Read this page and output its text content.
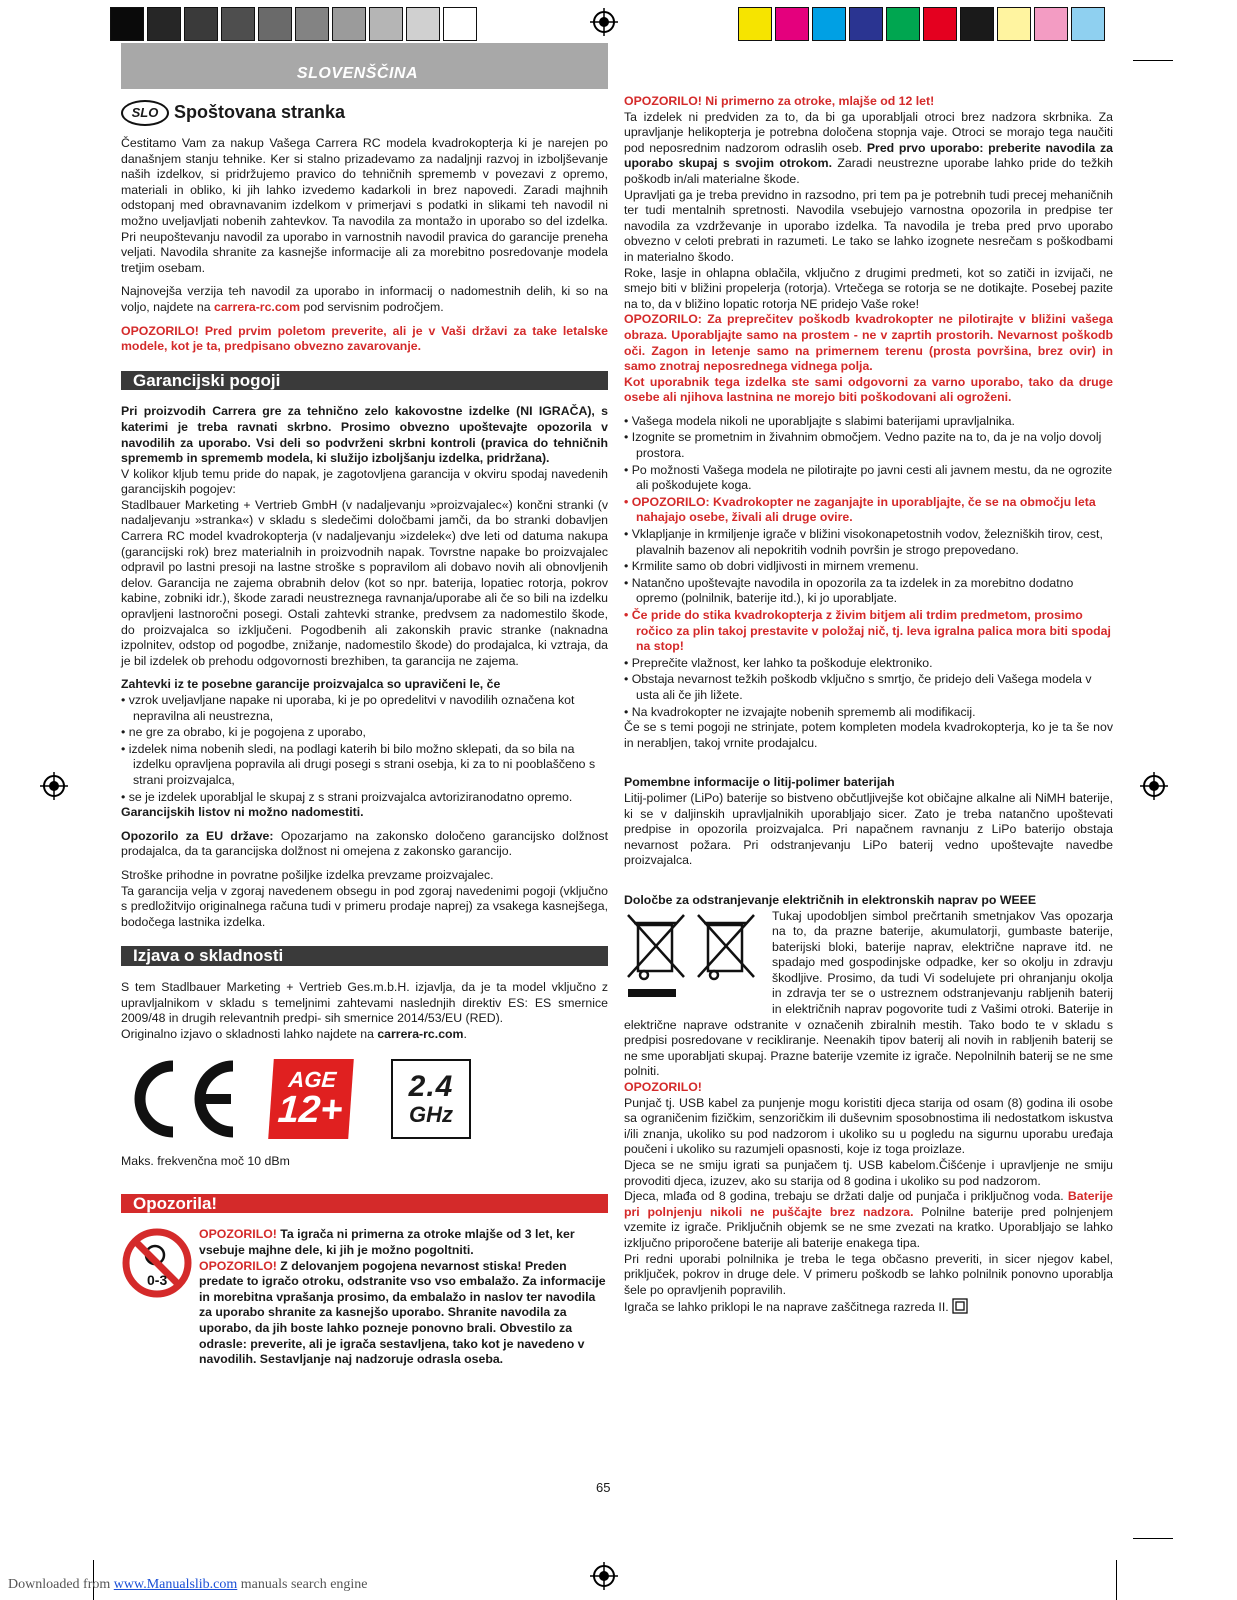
SLOVENŠČINA
SLO Spoštovana stranka

Čestitamo Vam za nakup Vašega Carrera RC modela kvadrokopterja ki je narejen po današnjem stanju tehnike. Ker si stalno prizadevamo za nadaljnji razvoj in izboljševanje naših izdelkov, si pridržujemo pravico do tehničnih sprememb v povezavi z opremo, materiali in obliko, ki jih lahko izvedemo kadarkoli in brez napovedi. Zaradi majhnih odstopanj med obravnavanim izdelkom v primerjavi s podatki in slikami teh navodil ni možno uveljavljati nobenih zahtevkov. Ta navodila za montažo in uporabo so del izdelka. Pri neupoštevanju navodil za uporabo in varnostnih navodil pravica do garancije preneha veljati. Navodila shranite za kasnejše informacije ali za morebitno posredovanje modela tretjim osebam.

Najnovejša verzija teh navodil za uporabo in informacij o nadomestnih delih, ki so na voljo, najdete na carrera-rc.com pod servisnim področjem.

OPOZORILO! Pred prvim poletom preverite, ali je v Vaši državi za take letalske modele, kot je ta, predpisano obvezno zavarovanje.

Garancijski pogoji

Pri proizvodih Carrera gre za tehnično zelo kakovostne izdelke (NI IGRAČA), s katerimi je treba ravnati skrbno. Prosimo obvezno upoštevajte opozorila v navodilih za uporabo. Vsi deli so podvrženi skrbni kontroli (pravica do tehničnih sprememb in sprememb modela, ki služijo izboljšanju izdelka, pridržana).

V kolikor kljub temu pride do napak, je zagotovljena garancija v okviru spodaj navedenih garancijskih pogojev:

Stadlbauer Marketing + Vertrieb GmbH (v nadaljevanju »proizvajalec«) končni stranki (v nadaljevanju »stranka«) v skladu s sledečimi določbami jamči, da bo stranki dobavljen Carrera RC model kvadrokopterja (v nadaljevanju »izdelek«) dve leti od datuma nakupa (garancijski rok) brez materialnih in proizvodnih napak. Tovrstne napake bo proizvajalec odpravil po lastni presoji na lastne stroške s popravilom ali dobavo novih ali obnovljenih delov. Garancija ne zajema obrabnih delov (kot so npr. baterija, lopatiec rotorja, pokrov kabine, zobniki idr.), škode zaradi neustreznega ravnanja/uporabe ali če so bili na izdelku opravljeni lastnoročni posegi. Ostali zahtevki stranke, predvsem za nadomestilo škode, do proizvajalca so izključeni. Pogodbenih ali zakonskih pravic stranke (naknadna izpolnitev, odstop od pogodbe, znižanje, nadomestilo škode) do prodajalca, ki vztraja, da je bil izdelek ob prehodu odgovornosti brezhiben, ta garancija ne zajema.

Zahtevki iz te posebne garancije proizvajalca so upravičeni le, če

• vzrok uveljavljane napake ni uporaba, ki je po opredelitvi v navodilih označena kot nepravilna ali neustrezna,
• ne gre za obrabo, ki je pogojena z uporabo,
• izdelek nima nobenih sledi, na podlagi katerih bi bilo možno sklepati, da so bila na izdelku opravljena popravila ali drugi posegi s strani osebja, ki za to ni pooblaščeno s strani proizvajalca,
• se je izdelek uporabljal le skupaj z s strani proizvajalca avtoriziranodatno opremo.

Garancijskih listov ni možno nadomestiti.

Opozorilo za EU države: Opozarjamo na zakonsko določeno garancijsko dolžnost prodajalca, da ta garancijska dolžnost ni omejena z zakonsko garancijo.

Stroške prihodne in povratne pošiljke izdelka prevzame proizvajalec.

Ta garancija velja v zgoraj navedenem obsegu in pod zgoraj navedenimi pogoji (vključno s predložitvijo originalnega računa tudi v primeru prodaje naprej) za vsakega kasnejšega, bodočega lastnika izdelka.

Izjava o skladnosti

S tem Stadlbauer Marketing + Vertrieb Ges.m.b.H. izjavlja, da je ta model vključno z upravljalnikom v skladu s temeljnimi zahtevami naslednjih direktiv ES: ES smernice 2009/48 in drugih relevantnih predpi- sih smernice 2014/53/EU (RED).

Originalno izjavo o skladnosti lahko najdete na carrera-rc.com.

AGE
12+
2.4
GHz

Maks. frekvenčna moč 10 dBm

Opozorila!
0-3
OPOZORILO! Ta igrača ni primerna za otroke mlajše od 3 let, ker vsebuje majhne dele, ki jih je možno pogoltniti.
OPOZORILO! Z delovanjem pogojena nevarnost stiska! Preden predate to igračo otroku, odstranite vso vso embalažo. Za informacije in morebitna vprašanja prosimo, da embalažo in naslov ter navodila za uporabo shranite za kasnejšo uporabo. Shranite navodila za uporabo, da jih boste lahko pozneje ponovno brali. Obvestilo za odrasle: preverite, ali je igrača sestavljena, tako kot je navedeno v navodilih. Sestavljanje naj nadzoruje odrasla oseba.

OPOZORILO! Ni primerno za otroke, mlajše od 12 let!

Ta izdelek ni predviden za to, da bi ga uporabljali otroci brez nadzora skrbnika. Za upravljanje helikopterja je potrebna določena stopnja vaje. Otroci se morajo tega naučiti pod neposrednim nadzorom odraslih oseb. Pred prvo uporabo: preberite navodila za uporabo skupaj s svojim otrokom. Zaradi neustrezne uporabe lahko pride do težkih poškodb in/ali materialne škode.

Upravljati ga je treba previdno in razsodno, pri tem pa je potrebnih tudi precej mehaničnih ter tudi mentalnih spretnosti. Navodila vsebujejo varnostna opozorila in predpise ter navodila za vzdrževanje in uporabo izdelka. Ta navodila je treba pred prvo uporabo obvezno v celoti prebrati in razumeti. Le tako se lahko izognete nesrečam s poškodbami in materialno škodo.

Roke, lasje in ohlapna oblačila, vključno z drugimi predmeti, kot so zatiči in izvijači, ne smejo biti v bližini propelerja (rotorja). Vrtečega se rotorja se ne dotikajte. Posebej pazite na to, da v bližino lopatic rotorja NE pridejo Vaše roke!

OPOZORILO: Za preprečitev poškodb kvadrokopter ne pilotirajte v bližini vašega obraza. Uporabljajte samo na prostem - ne v zaprtih prostorih. Nevarnost poškodb oči. Zagon in letenje samo na primernem terenu (prosta površina, brez ovir) in samo znotraj neposrednega vidnega polja.

Kot uporabnik tega izdelka ste sami odgovorni za varno uporabo, tako da druge osebe ali njihova lastnina ne morejo biti poškodovani ali ogroženi.

• Vašega modela nikoli ne uporabljajte s slabimi baterijami upravljalnika.
• Izognite se prometnim in živahnim območjem. Vedno pazite na to, da je na voljo dovolj prostora.
• Po možnosti Vašega modela ne pilotirajte po javni cesti ali javnem mestu, da ne ogrozite ali poškodujete koga.
• OPOZORILO: Kvadrokopter ne zaganjajte in uporabljajte, če se na območju leta nahajajo osebe, živali ali druge ovire.
• Vklapljanje in krmiljenje igrače v bližini visokonapetostnih vodov, železniških tirov, cest, plavalnih bazenov ali nepokritih vodnih površin je strogo prepovedano.
• Krmilite samo ob dobri vidljivosti in mirnem vremenu.
• Natančno upoštevajte navodila in opozorila za ta izdelek in za morebitno dodatno opremo (polnilnik, baterije itd.), ki jo uporabljate.
• Če pride do stika kvadrokopterja z živim bitjem ali trdim predmetom, prosimo ročico za plin takoj prestavite v položaj nič, tj. leva igralna palica mora biti spodaj na stop!
• Preprečite vlažnost, ker lahko ta poškoduje elektroniko.
• Obstaja nevarnost težkih poškodb vključno s smrtjo, če pridejo deli Vašega modela v usta ali če jih ližete.
• Na kvadrokopter ne izvajajte nobenih sprememb ali modifikacij.

Če se s temi pogoji ne strinjate, potem kompleten modela kvadrokopterja, ko je ta še nov in nerabljen, takoj vrnite prodajalcu.

Pomembne informacije o litij-polimer baterijah

Litij-polimer (LiPo) baterije so bistveno občutljivejše kot običajne alkalne ali NiMH baterije, ki se v daljinskih upravljalnikih uporabljajo sicer. Zato je treba natančno upoštevati predpise in opozorila proizvajalca. Pri napačnem ravnanju z LiPo baterijo obstaja nevarnost požara. Pri odstranjevanju LiPo baterij vedno upoštevajte navedbe proizvajalca.

Določbe za odstranjevanje električnih in elektronskih naprav po WEEE

Tukaj upodobljen simbol prečrtanih smetnjakov Vas opozarja na to, da prazne baterije, akumulatorji, gumbaste baterije, baterijski bloki, baterije naprav, električne naprave itd. ne spadajo med gospodinjske odpadke, ker so okolju in zdravju škodljive. Prosimo, da tudi Vi sodelujete pri ohranjanju okolja in zdravja ter se o ustreznem odstranjevanju rabljenih baterij in električnih naprav pogovorite tudi z Vašimi otroki. Baterije in električne naprave odstranite v označenih zbiralnih mestih. Tako bodo te v skladu s predpisi posredovane v recikliranje. Neenakih tipov baterij ali novih in rabljenih baterij se ne sme uporabljati skupaj. Prazne baterije vzemite iz igrače. Nepolnilnih baterij se ne sme polniti.

OPOZORILO!

Punjač tj. USB kabel za punjenje mogu koristiti djeca starija od osam (8) godina ili osobe sa ograničenim fizičkim, senzoričkim ili duševnim sposobnostima ili nedostatkom iskustva i/ili znanja, ukoliko su pod nadzorom i ukoliko su u pogledu na sigurnu uporabu uređaja poučeni i ukoliko su razumjeli opasnosti, koje iz toga proizlaze.

Djeca se ne smiju igrati sa punjačem tj. USB kabelom.Čišćenje i upravljenje ne smiju provoditi djeca, izuzev, ako su starija od 8 godina i ukoliko su pod nadzorom.

Djeca, mlađa od 8 godina, trebaju se držati dalje od punjača i priključnog voda. Baterije pri polnjenju nikoli ne puščajte brez nadzora. Polnilne baterije pred polnjenjem vzemite iz igrače. Priključnih objemk se ne sme zvezati na kratko. Uporabljajo se lahko izključno priporočene baterije ali baterije enakega tipa.

Pri redni uporabi polnilnika je treba le tega občasno preveriti, in sicer njegov kabel, priključek, pokrov in druge dele. V primeru poškodb se lahko polnilnik ponovno uporablja šele po opravljenih popravilih.

Igrača se lahko priklopi le na naprave zaščitnega razreda II.

65
Downloaded from www.Manualslib.com manuals search engine
